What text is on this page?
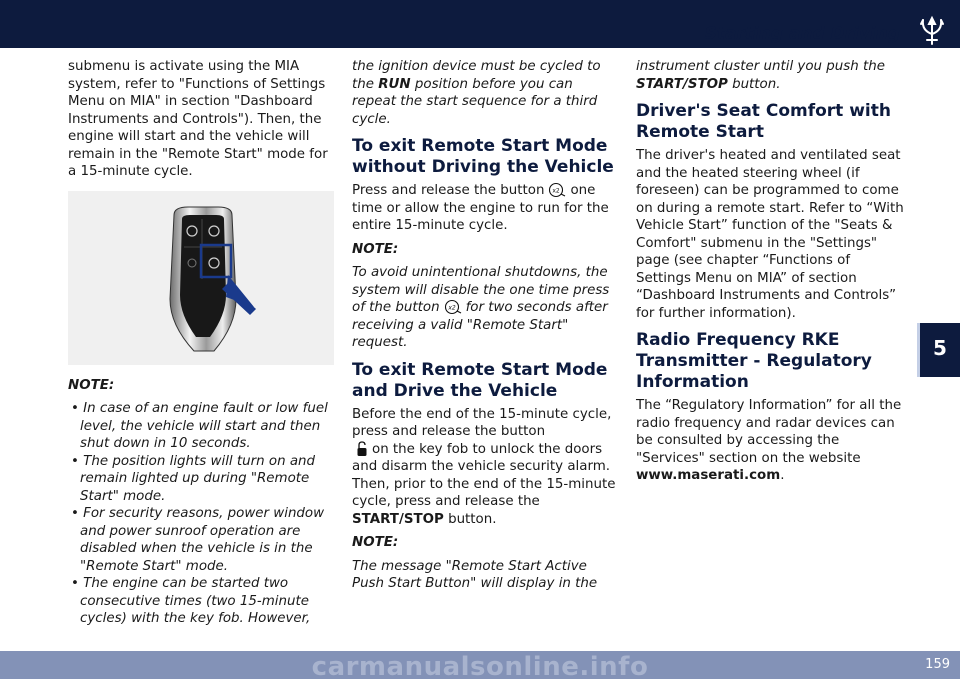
Starting and Driving

submenu is activate using the MIA system, refer to "Functions of Settings Menu on MIA" in section "Dashboard Instruments and Controls"). Then, the engine will start and the vehicle will remain in the "Remote Start" mode for a 15-minute cycle.

NOTE:

• In case of an engine fault or low fuel level, the vehicle will start and then shut down in 10 seconds.
• The position lights will turn on and remain lighted up during "Remote Start" mode.
• For security reasons, power window and power sunroof operation are disabled when the vehicle is in the "Remote Start" mode.
• The engine can be started two consecutive times (two 15-minute cycles) with the key fob. However,

the ignition device must be cycled to the RUN position before you can repeat the start sequence for a third cycle.

To exit Remote Start Mode without Driving the Vehicle

Press and release the button x2 one time or allow the engine to run for the entire 15-minute cycle.

NOTE:

To avoid unintentional shutdowns, the system will disable the one time press of the button x2 for two seconds after receiving a valid "Remote Start" request.

To exit Remote Start Mode and Drive the Vehicle

Before the end of the 15-minute cycle, press and release the button
on the key fob to unlock the doors and disarm the vehicle security alarm. Then, prior to the end of the 15-minute cycle, press and release the START/STOP button.

NOTE:

The message "Remote Start Active Push Start Button" will display in the

instrument cluster until you push the START/STOP button.

Driver's Seat Comfort with Remote Start

The driver's heated and ventilated seat and the heated steering wheel (if foreseen) can be programmed to come on during a remote start. Refer to “With Vehicle Start” function of the "Seats & Comfort" submenu in the "Settings" page (see chapter “Functions of Settings Menu on MIA” of section “Dashboard Instruments and Controls” for further information).

Radio Frequency RKE Transmitter - Regulatory Information

The “Regulatory Information” for all the radio frequency and radar devices can be consulted by accessing the "Services" section on the website www.maserati.com.

5
carmanualsonline.info	159
